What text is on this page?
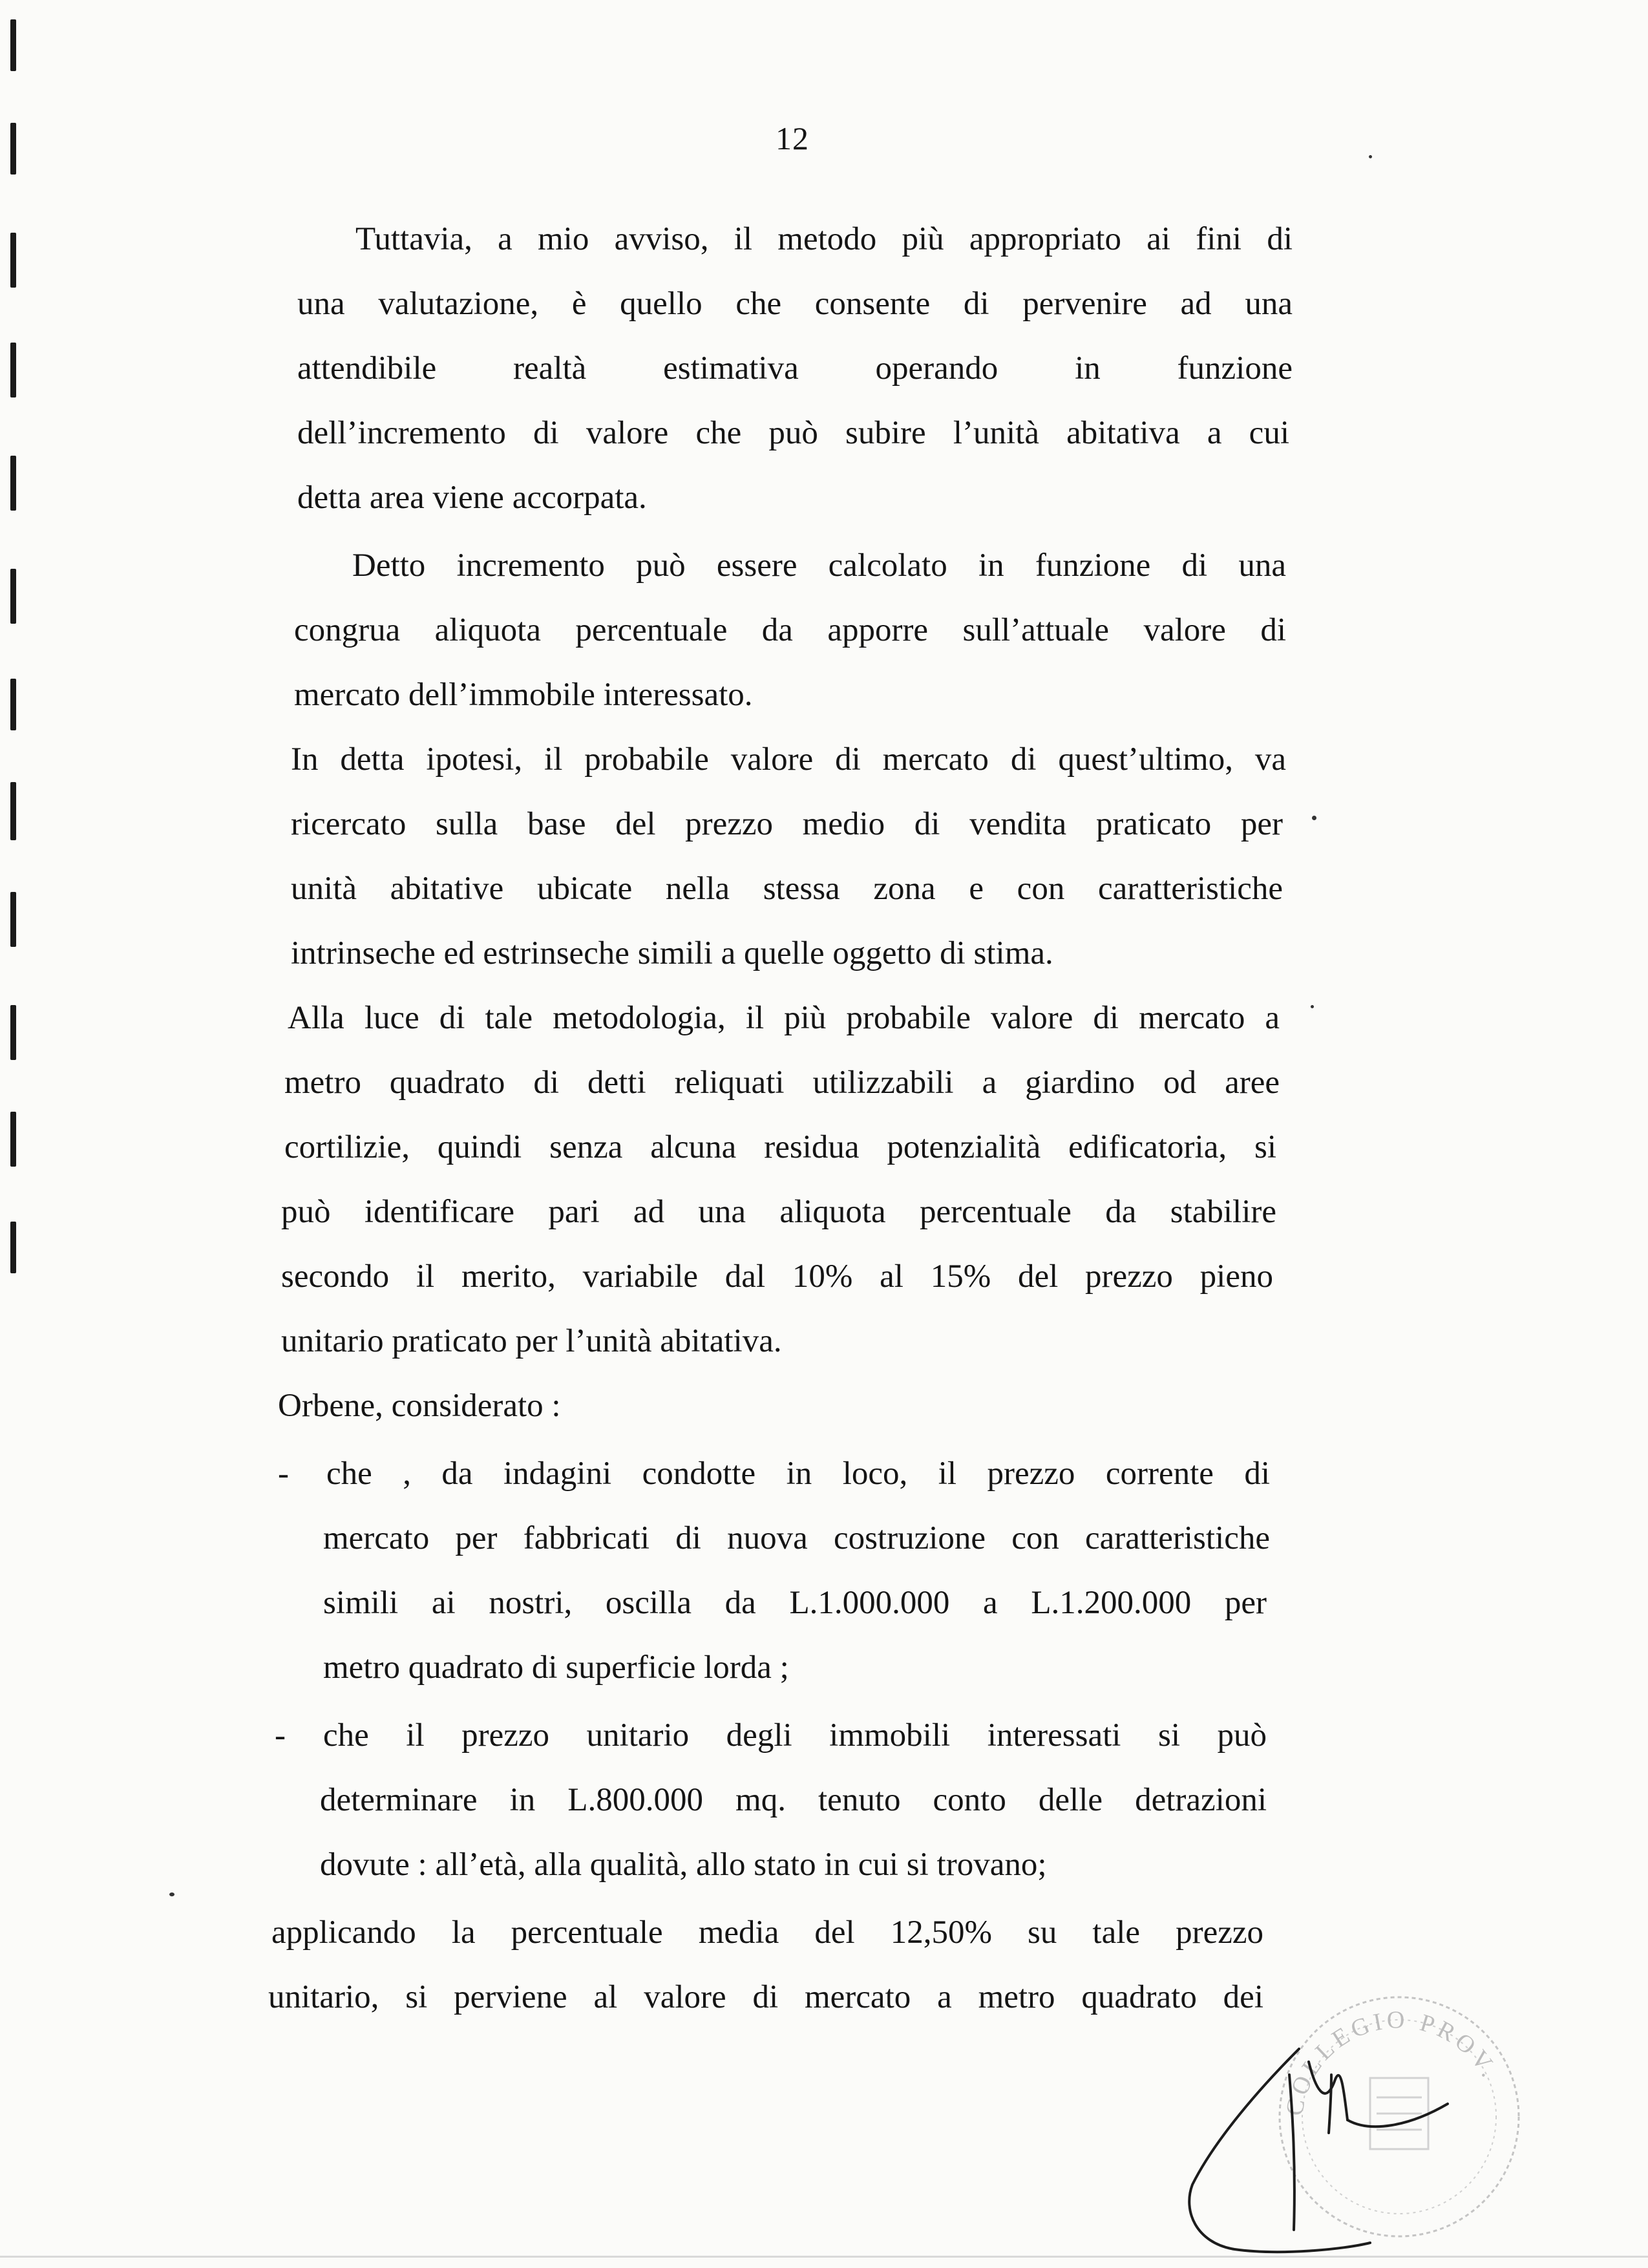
12
Tuttavia, a mio avviso, il metodo più appropriato ai fini di
una valutazione, è quello che consente di pervenire ad una
attendibile realtà estimativa operando in funzione
dell’incremento di valore che può subire l’unità abitativa a cui
detta area viene accorpata.
Detto incremento può essere calcolato in funzione di una
congrua aliquota percentuale da apporre sull’attuale valore di
mercato dell’immobile interessato.
In detta ipotesi, il probabile valore di mercato di quest’ultimo, va
ricercato sulla base del prezzo medio di vendita praticato per
unità abitative ubicate nella stessa zona e con caratteristiche
intrinseche ed estrinseche simili a quelle oggetto di stima.
Alla luce di tale metodologia, il più probabile valore di mercato a
metro quadrato di detti reliquati utilizzabili a giardino od aree
cortilizie, quindi senza alcuna residua potenzialità edificatoria, si
può identificare pari ad una aliquota percentuale da stabilire
secondo il merito, variabile dal 10% al 15% del prezzo pieno
unitario praticato per l’unità abitativa.
Orbene, considerato :
- che , da indagini condotte in loco, il prezzo corrente di
mercato per fabbricati di nuova costruzione con caratteristiche
simili ai nostri, oscilla da L.1.000.000 a L.1.200.000 per
metro quadrato di superficie lorda ;
- che il prezzo unitario degli immobili interessati si può
determinare in L.800.000 mq. tenuto conto delle detrazioni
dovute : all’età, alla qualità, allo stato in cui si trovano;
applicando la percentuale media del 12,50% su tale prezzo
unitario, si perviene al valore di mercato a metro quadrato dei
COLLEGIO PROV.
